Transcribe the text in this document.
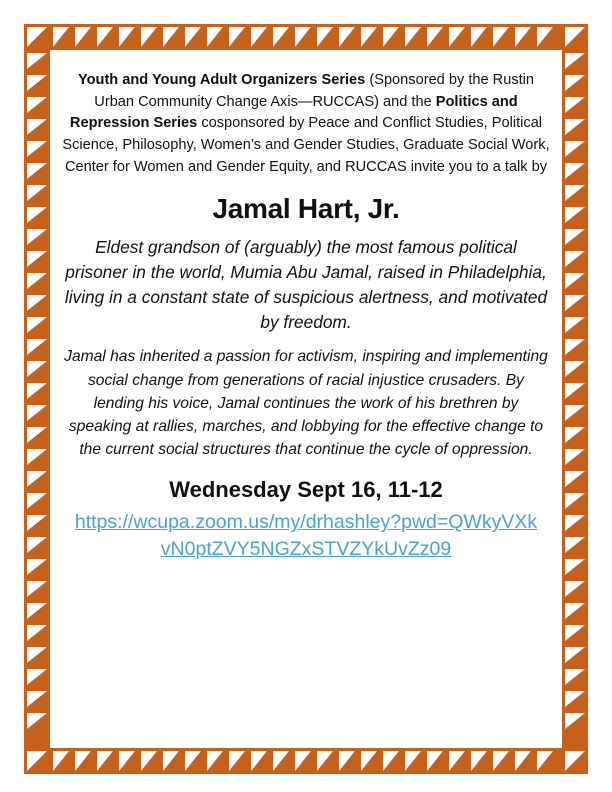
Youth and Young Adult Organizers Series (Sponsored by the Rustin Urban Community Change Axis—RUCCAS) and the Politics and Repression Series cosponsored by Peace and Conflict Studies, Political Science, Philosophy, Women’s and Gender Studies, Graduate Social Work, Center for Women and Gender Equity, and RUCCAS invite you to a talk by

Jamal Hart, Jr.

Eldest grandson of (arguably) the most famous political prisoner in the world, Mumia Abu Jamal, raised in Philadelphia, living in a constant state of suspicious alertness, and motivated by freedom.

Jamal has inherited a passion for activism, inspiring and implementing social change from generations of racial injustice crusaders. By lending his voice, Jamal continues the work of his brethren by speaking at rallies, marches, and lobbying for the effective change to the current social structures that continue the cycle of oppression.

Wednesday Sept 16, 11-12
https://wcupa.zoom.us/my/drhashley?pwd=QWkyVXkvN0ptZVY5NGZxSTVZYkUvZz09
